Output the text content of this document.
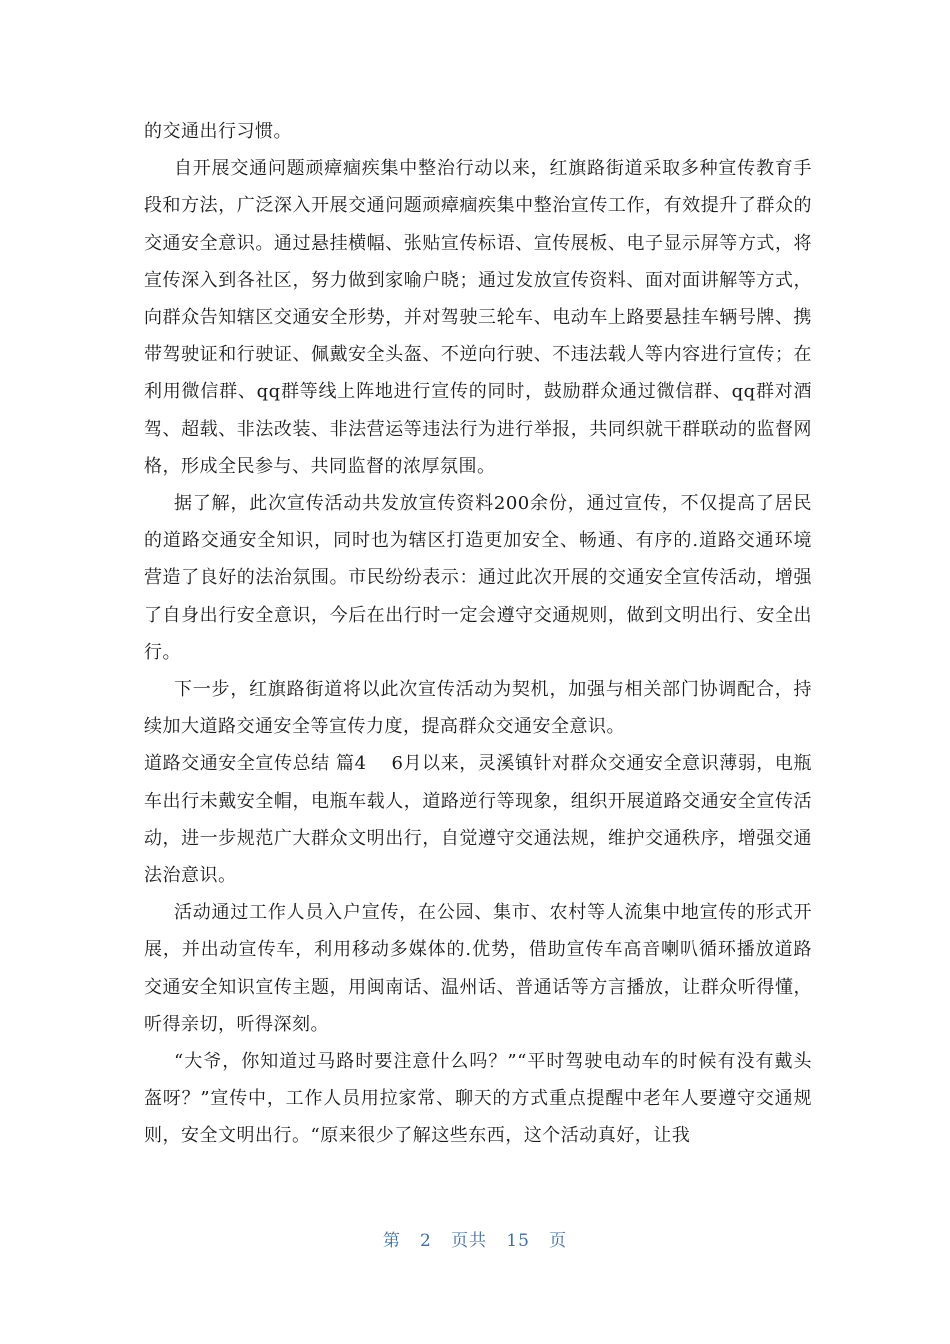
的交通出行习惯。

自开展交通问题顽瘴痼疾集中整治行动以来，红旗路街道采取多种宣传教育手段和方法，广泛深入开展交通问题顽瘴痼疾集中整治宣传工作，有效提升了群众的交通安全意识。通过悬挂横幅、张贴宣传标语、宣传展板、电子显示屏等方式，将宣传深入到各社区，努力做到家喻户晓；通过发放宣传资料、面对面讲解等方式，向群众告知辖区交通安全形势，并对驾驶三轮车、电动车上路要悬挂车辆号牌、携带驾驶证和行驶证、佩戴安全头盔、不逆向行驶、不违法载人等内容进行宣传；在利用微信群、qq群等线上阵地进行宣传的同时，鼓励群众通过微信群、qq群对酒驾、超载、非法改装、非法营运等违法行为进行举报，共同织就干群联动的监督网格，形成全民参与、共同监督的浓厚氛围。

据了解，此次宣传活动共发放宣传资料200余份，通过宣传，不仅提高了居民的道路交通安全知识，同时也为辖区打造更加安全、畅通、有序的.道路交通环境营造了良好的法治氛围。市民纷纷表示：通过此次开展的交通安全宣传活动，增强了自身出行安全意识，今后在出行时一定会遵守交通规则，做到文明出行、安全出行。

下一步，红旗路街道将以此次宣传活动为契机，加强与相关部门协调配合，持续加大道路交通安全等宣传力度，提高群众交通安全意识。

道路交通安全宣传总结 篇4　 6月以来，灵溪镇针对群众交通安全意识薄弱，电瓶车出行未戴安全帽，电瓶车载人，道路逆行等现象，组织开展道路交通安全宣传活动，进一步规范广大群众文明出行，自觉遵守交通法规，维护交通秩序，增强交通法治意识。

活动通过工作人员入户宣传，在公园、集市、农村等人流集中地宣传的形式开展，并出动宣传车，利用移动多媒体的.优势，借助宣传车高音喇叭循环播放道路交通安全知识宣传主题，用闽南话、温州话、普通话等方言播放，让群众听得懂，听得亲切，听得深刻。

“大爷，你知道过马路时要注意什么吗？”“平时驾驶电动车的时候有没有戴头盔呀？”宣传中，工作人员用拉家常、聊天的方式重点提醒中老年人要遵守交通规则，安全文明出行。“原来很少了解这些东西，这个活动真好，让我

第 2 页共 15 页
